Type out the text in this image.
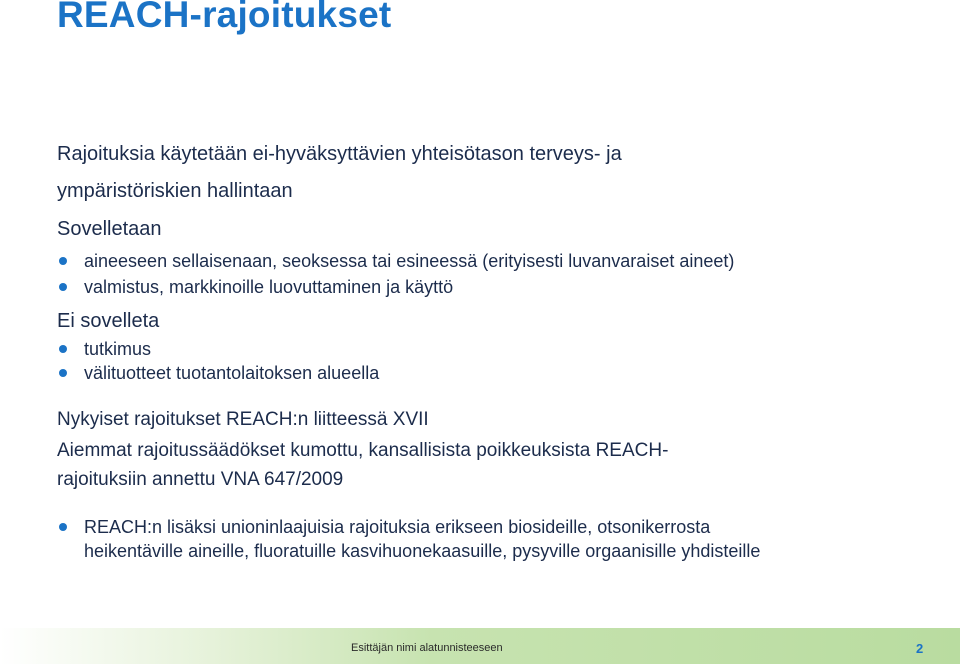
REACH-rajoitukset
Rajoituksia käytetään ei-hyväksyttävien yhteisötason terveys- ja
ympäristöriskien hallintaan
Sovelletaan
aineeseen sellaisenaan, seoksessa tai esineessä (erityisesti luvanvaraiset aineet)
valmistus, markkinoille luovuttaminen ja käyttö
Ei sovelleta
tutkimus
välituotteet tuotantolaitoksen alueella
Nykyiset rajoitukset REACH:n liitteessä XVII
Aiemmat rajoitussäädökset kumottu, kansallisista poikkeuksista REACH-
rajoituksiin annettu VNA 647/2009
REACH:n lisäksi unioninlaajuisia rajoituksia erikseen biosideille, otsonikerrosta
heikentäville aineille, fluoratuille kasvihuonekaasuille, pysyville orgaanisille yhdisteille
Esittäjän nimi alatunnisteeseen	2
